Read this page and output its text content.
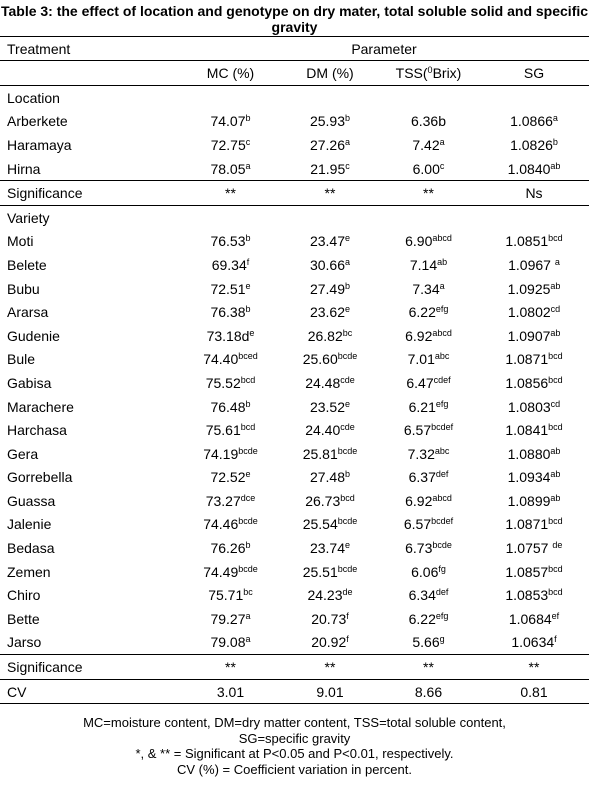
Table 3: the effect of location and genotype on dry mater, total soluble solid and specific gravity
Treatment	Parameter			
	MC (%)	DM (%)	TSS($^0$Brix)	SG
Location				
Arberkete	74.07$^b$	25.93$^b$	6.36b	1.0866$^a$
Haramaya	72.75$^c$	27.26$^a$	7.42$^a$	1.0826$^b$
Hirna	78.05$^a$	21.95$^c$	6.00$^c$	1.0840$^{ab}$
Significance	**	**	**	Ns
Variety				
Moti	76.53$^b$	23.47e	$6.90^{abcd}$	1.0851$^{bcd}$
Belete	69.34$^f$	30.66$^a$	7.14$^{ab}$	1.0967 $^a$
Bubu	72.51e	27.49$^b$	7.34$^a$	1.0925$^{ab}$
Ararsa	76.38$^b$	23.62e	6.22$^{efg}$	1.0802$^{cd}$
Gudenie	$73.18d^e$	26.82$^{bc}$	$6.92^{abcd}$	1.0907$^{ab}$
Bule	$74.40^{bced}$	$25.60^{bcde}$	7.01$^{abc}$	1.0871$^{bcd}$
Gabisa	75.52$^{bcd}$	24.48$^{cde}$	$6.47^{cdef}$	1.0856$^{bcd}$
Marachere	76.48$^b$	23.52e	6.21$^{efg}$	1.0803$^{cd}$
Harchasa	75.61$^{bcd}$	24.40$^{cde}$	$6.57^{bcdef}$	1.0841$^{bcd}$
Gera	$74.19^{bcde}$	$25.81^{bcde}$	7.32$^{abc}$	1.0880$^{ab}$
Gorrebella	72.52e	27.48$^b$	6.37$^{def}$	1.0934$^{ab}$
Guassa	73.27$^{dce}$	26.73$^{bcd}$	$6.92^{abcd}$	1.0899$^{ab}$
Jalenie	$74.46^{bcde}$	$25.54^{bcde}$	$6.57^{bcdef}$	1.0871$^{bcd}$
Bedasa	76.26$^b$	23.74e	$6.73^{bcde}$	1.0757 $^{de}$
Zemen	$74.49^{bcde}$	$25.51^{bcde}$	6.06$^{fg}$	1.0857$^{bcd}$
Chiro	75.71$^{bc}$	24.23de	6.34$^{def}$	1.0853$^{bcd}$
Bette	79.27$^a$	20.73$^f$	6.22$^{efg}$	1.0684$^{ef}$
Jarso	79.08$^a$	20.92$^f$	5.66$^g$	1.0634$^f$
Significance	**	**	**	**
CV	3.01	9.01	8.66	0.81
MC=moisture content, DM=dry matter content, TSS=total soluble content,
SG=specific gravity
*, & ** = Significant at P<0.05 and P<0.01, respectively.
CV (%) = Coefficient variation in percent.
